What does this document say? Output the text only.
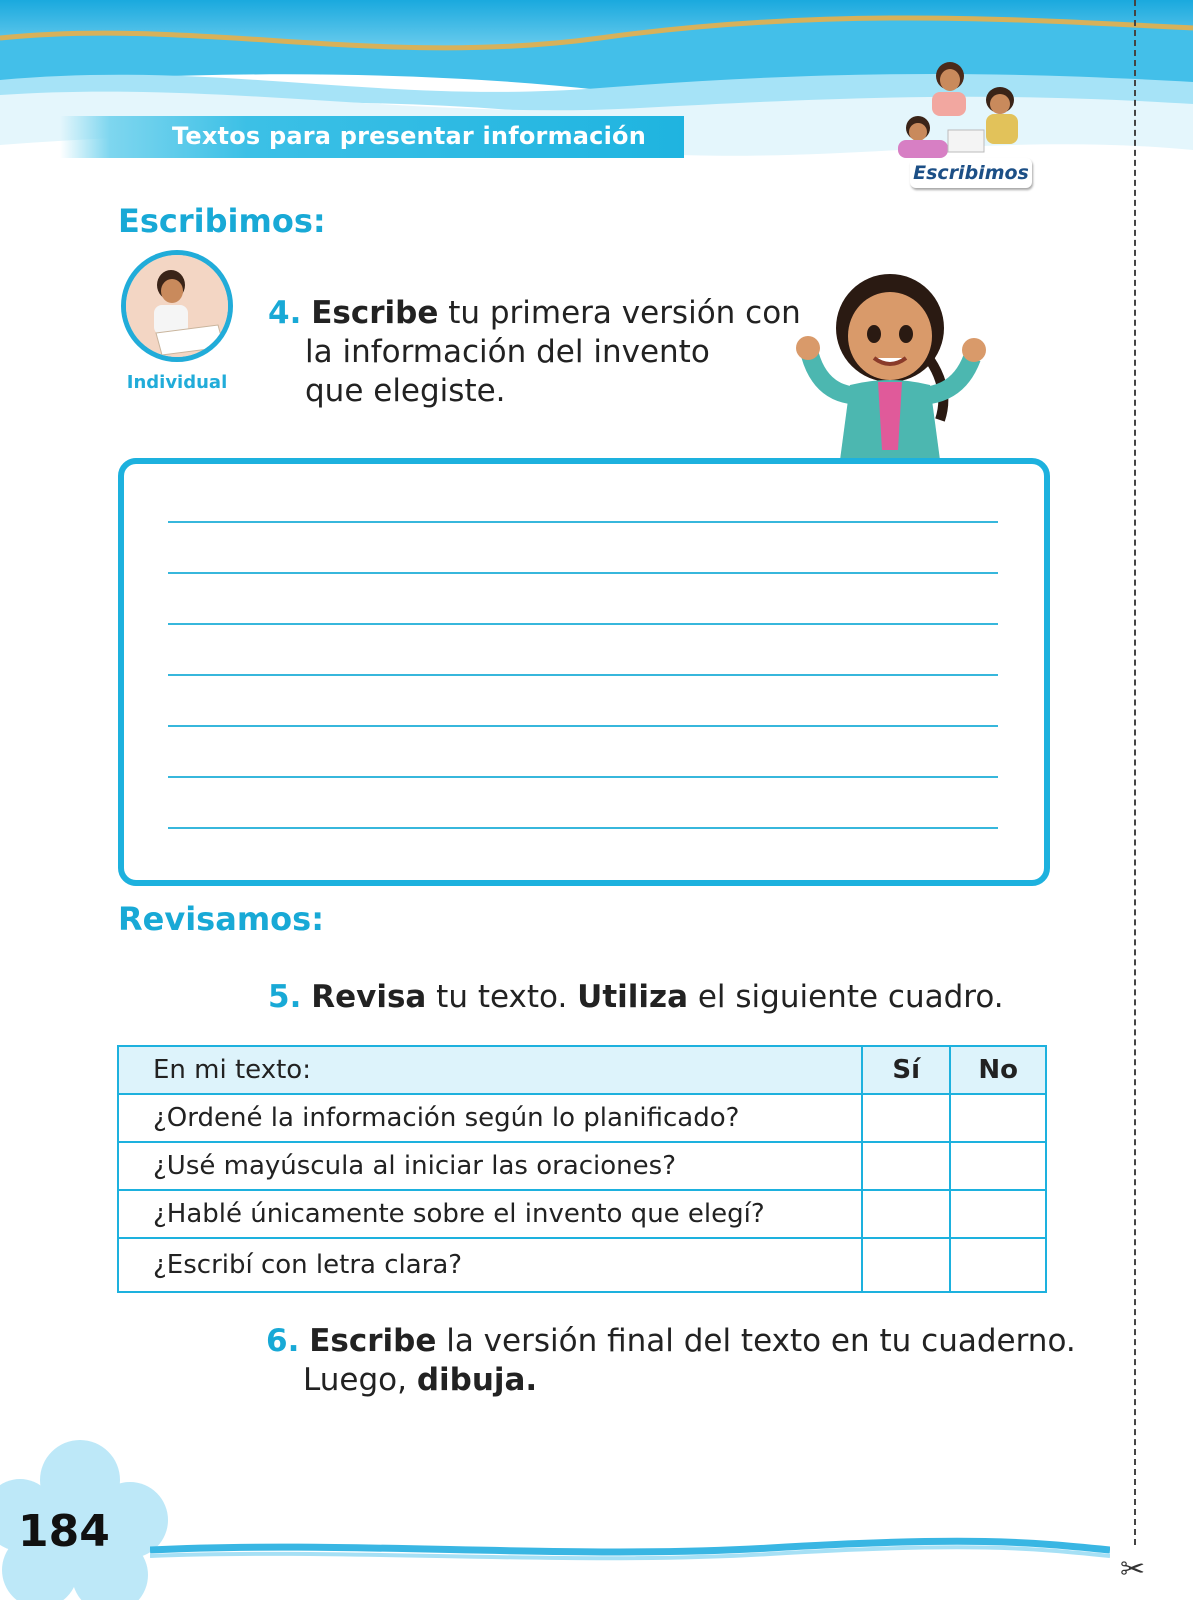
Textos para presentar información
Escribimos
Escribimos:
Individual
4. Escribe tu primera versión con
la información del invento
que elegiste.
Revisamos:
5. Revisa tu texto. Utiliza el siguiente cuadro.
En mi texto:	Sí	No
¿Ordené la información según lo planificado?		
¿Usé mayúscula al iniciar las oraciones?		
¿Hablé únicamente sobre el invento que elegí?		
¿Escribí con letra clara?		
6. Escribe la versión final del texto en tu cuaderno.
Luego, dibuja.
184
✂
